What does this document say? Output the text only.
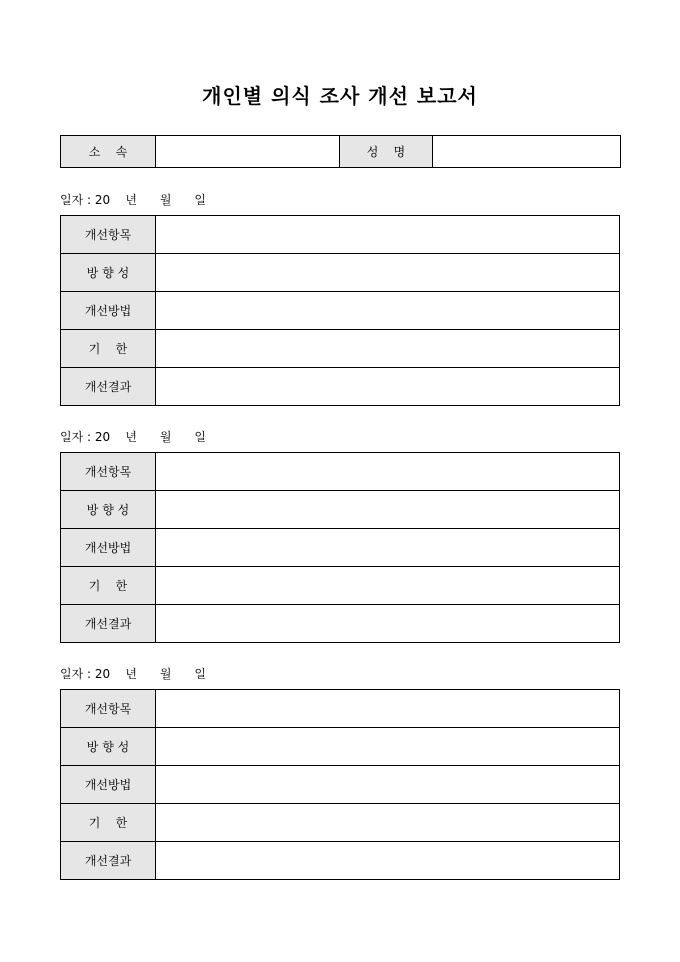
개인별 의식 조사 개선 보고서
소    속		성    명	
일자 : 20    년      월      일
개선항목	
방 향 성	
개선방법	
기    한	
개선결과	
일자 : 20    년      월      일
개선항목	
방 향 성	
개선방법	
기    한	
개선결과	
일자 : 20    년      월      일
개선항목	
방 향 성	
개선방법	
기    한	
개선결과	
